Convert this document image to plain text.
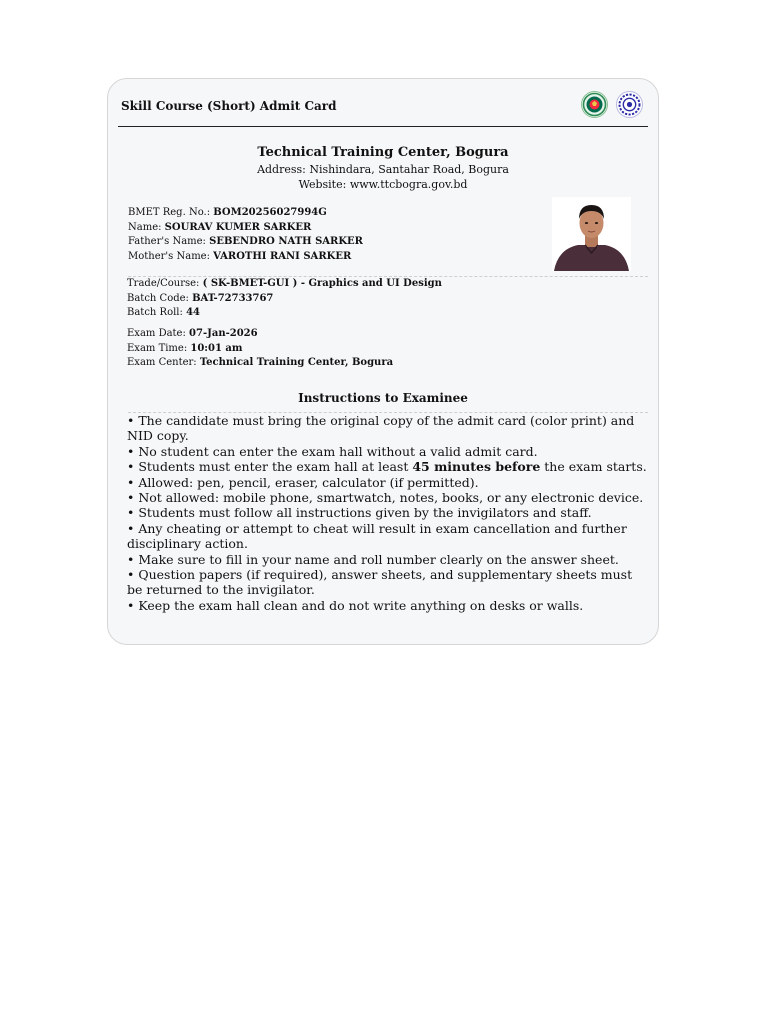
Skill Course (Short) Admit Card
Technical Training Center, Bogura
Address: Nishindara, Santahar Road, Bogura
Website: www.ttcbogra.gov.bd
BMET Reg. No.: BOM20256027994G
Name: SOURAV KUMER SARKER
Father's Name: SEBENDRO NATH SARKER
Mother's Name: VAROTHI RANI SARKER
Trade/Course: ( SK-BMET-GUI ) - Graphics and UI Design
Batch Code: BAT-72733767
Batch Roll: 44
Exam Date: 07-Jan-2026
Exam Time: 10:01 am
Exam Center: Technical Training Center, Bogura
Instructions to Examinee
• The candidate must bring the original copy of the admit card (color print) and NID copy.
• No student can enter the exam hall without a valid admit card.
• Students must enter the exam hall at least 45 minutes before the exam starts.
• Allowed: pen, pencil, eraser, calculator (if permitted).
• Not allowed: mobile phone, smartwatch, notes, books, or any electronic device.
• Students must follow all instructions given by the invigilators and staff.
• Any cheating or attempt to cheat will result in exam cancellation and further disciplinary action.
• Make sure to fill in your name and roll number clearly on the answer sheet.
• Question papers (if required), answer sheets, and supplementary sheets must be returned to the invigilator.
• Keep the exam hall clean and do not write anything on desks or walls.
